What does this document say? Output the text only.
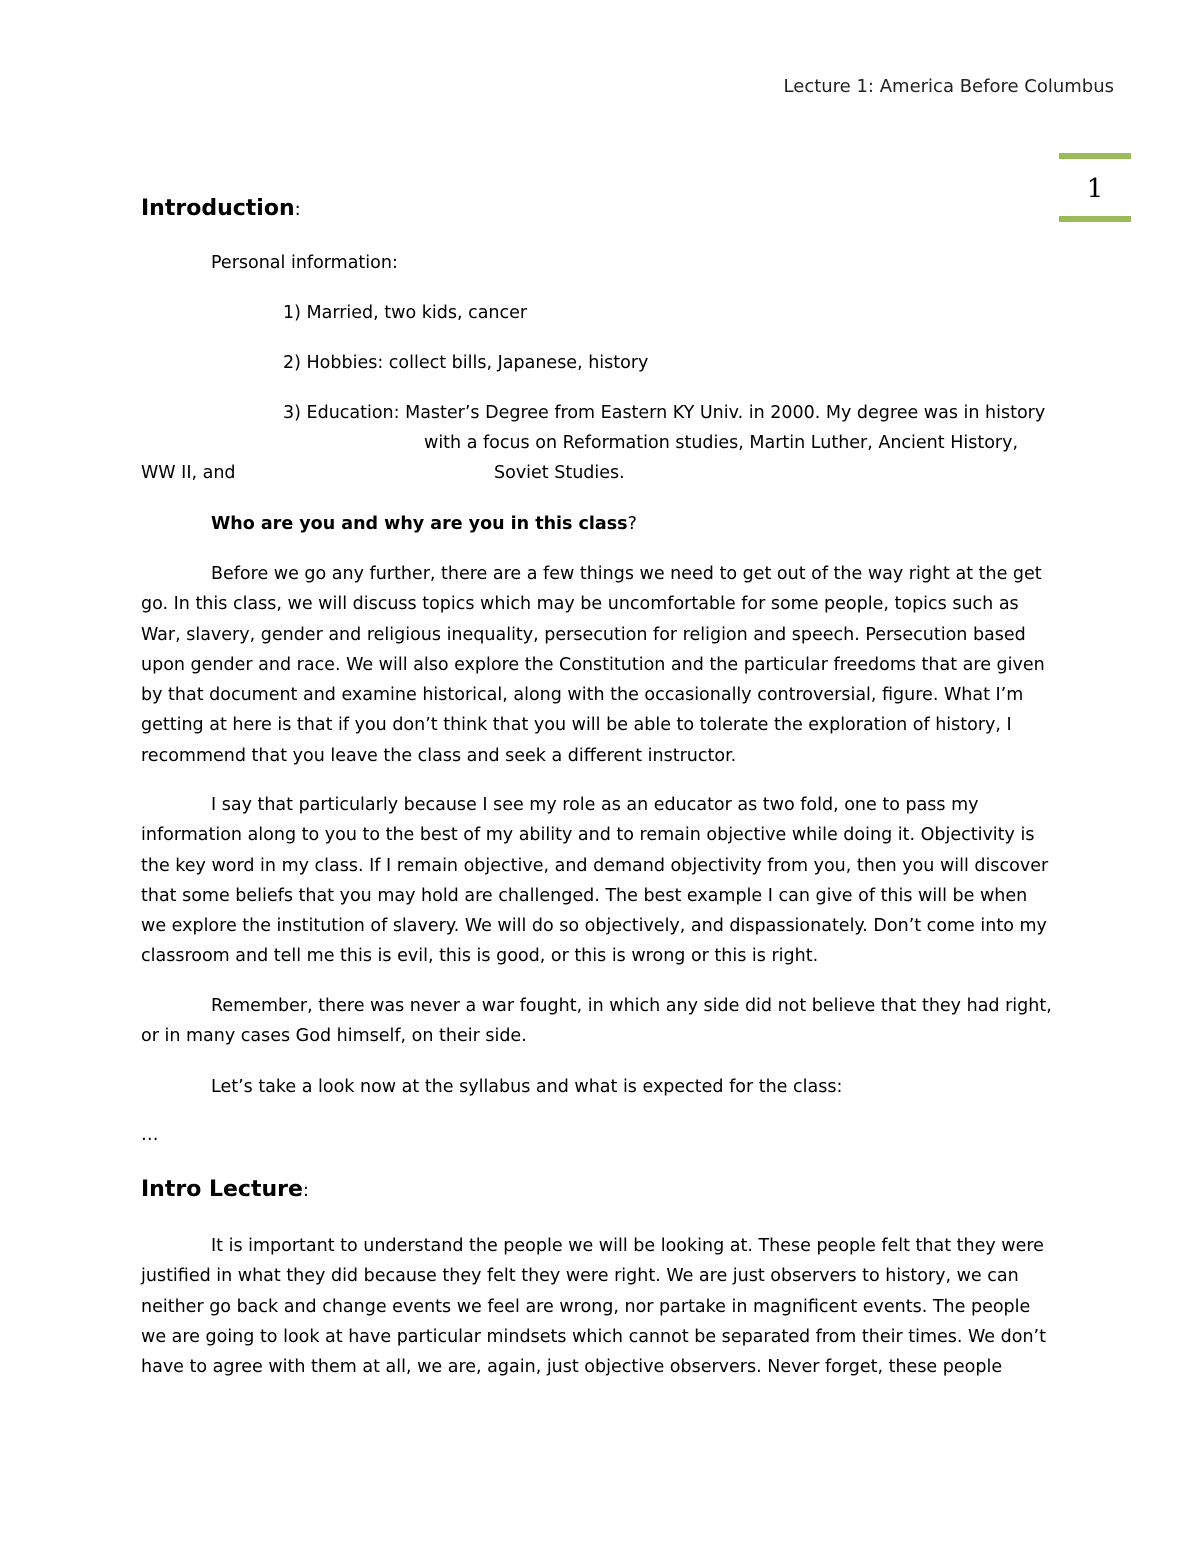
Lecture 1: America Before Columbus
1
Introduction:
Personal information:
1) Married, two kids, cancer
2) Hobbies: collect bills, Japanese, history
3) Education: Master’s Degree from Eastern KY Univ. in 2000. My degree was in history
with a focus on Reformation studies, Martin Luther, Ancient History,
WW II, and	Soviet Studies.
Who are you and why are you in this class?

Before we go any further, there are a few things we need to get out of the way right at the get go. In this class, we will discuss topics which may be uncomfortable for some people, topics such as War, slavery, gender and religious inequality, persecution for religion and speech. Persecution based upon gender and race. We will also explore the Constitution and the particular freedoms that are given by that document and examine historical, along with the occasionally controversial, figure. What I’m getting at here is that if you don’t think that you will be able to tolerate the exploration of history, I recommend that you leave the class and seek a different instructor.

I say that particularly because I see my role as an educator as two fold, one to pass my information along to you to the best of my ability and to remain objective while doing it. Objectivity is the key word in my class. If I remain objective, and demand objectivity from you, then you will discover that some beliefs that you may hold are challenged. The best example I can give of this will be when we explore the institution of slavery. We will do so objectively, and dispassionately. Don’t come into my classroom and tell me this is evil, this is good, or this is wrong or this is right.

Remember, there was never a war fought, in which any side did not believe that they had right, or in many cases God himself, on their side.

Let’s take a look now at the syllabus and what is expected for the class:

…
Intro Lecture:

It is important to understand the people we will be looking at. These people felt that they were justified in what they did because they felt they were right. We are just observers to history, we can neither go back and change events we feel are wrong, nor partake in magnificent events. The people we are going to look at have particular mindsets which cannot be separated from their times. We don’t have to agree with them at all, we are, again, just objective observers. Never forget, these people
